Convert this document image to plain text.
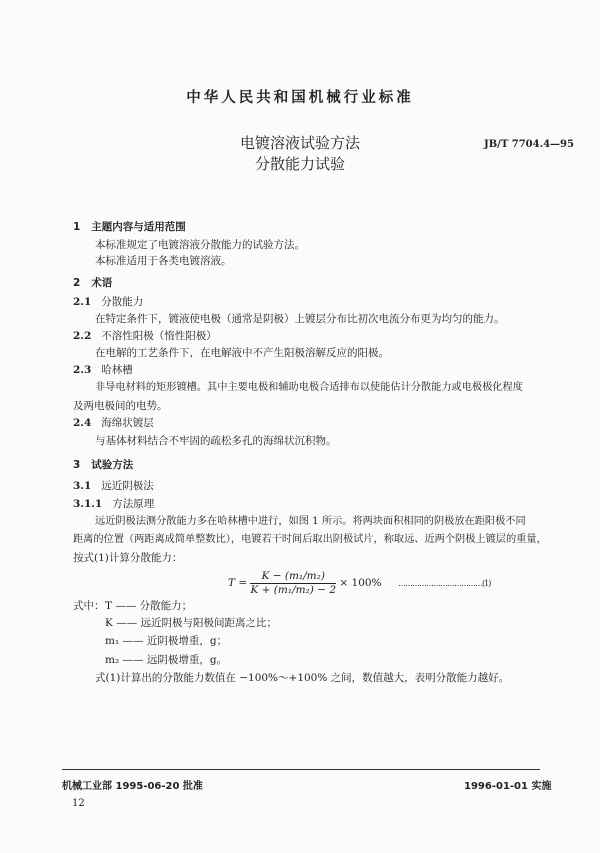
中华人民共和国机械行业标准
电镀溶液试验方法
分散能力试验
JB/T 7704.4—95
1 主题内容与适用范围
本标准规定了电镀溶液分散能力的试验方法。
本标准适用于各类电镀溶液。
2 术语
2.1 分散能力
在特定条件下，镀液使电极（通常是阴极）上镀层分布比初次电流分布更为均匀的能力。
2.2 不溶性阳极（惰性阳极）
在电解的工艺条件下，在电解液中不产生阳极溶解反应的阳极。
2.3 哈林槽
非导电材料的矩形镀槽。其中主要电极和辅助电极合适排布以使能估计分散能力或电极极化程度
及两电极间的电势。
2.4 海绵状镀层
与基体材料结合不牢固的疏松多孔的海绵状沉积物。
3 试验方法
3.1 远近阴极法
3.1.1 方法原理
远近阴极法测分散能力多在哈林槽中进行，如图 1 所示。将两块面积相同的阴极放在距阳极不同
距离的位置（两距离成简单整数比），电镀若干时间后取出阴极试片，称取远、近两个阴极上镀层的重量，
按式(1)计算分散能力：
$T = \frac{\text{K − (m₁/m₂)}}{\text{K + (m₁/m₂) − 2}} \times 100\%$ ………………………………(1)
式中： T —— 分散能力；
K —— 远近阴极与阳极间距离之比；
m₁ —— 近阴极增重，g；
m₂ —— 远阴极增重，g。
式(1)计算出的分散能力数值在 −100%～+100% 之间，数值越大，表明分散能力越好。
机械工业部 1995-06-20 批准	1996-01-01 实施
12
